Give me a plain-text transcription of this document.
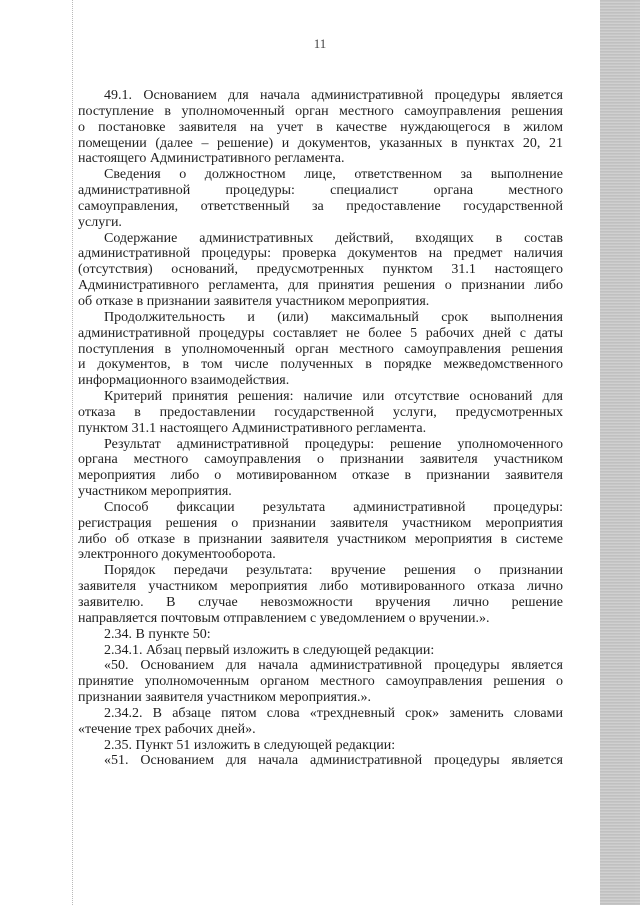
11
49.1. Основанием для начала административной процедуры является
поступление в уполномоченный орган местного самоуправления решения
о постановке заявителя на учет в качестве нуждающегося в жилом
помещении (далее – решение) и документов, указанных в пунктах 20, 21
настоящего Административного регламента.
Сведения о должностном лице, ответственном за выполнение
административной процедуры: специалист органа местного
самоуправления, ответственный за предоставление государственной
услуги.
Содержание административных действий, входящих в состав
административной процедуры: проверка документов на предмет наличия
(отсутствия) оснований, предусмотренных пунктом 31.1 настоящего
Административного регламента, для принятия решения о признании либо
об отказе в признании заявителя участником мероприятия.
Продолжительность и (или) максимальный срок выполнения
административной процедуры составляет не более 5 рабочих дней с даты
поступления в уполномоченный орган местного самоуправления решения
и документов, в том числе полученных в порядке межведомственного
информационного взаимодействия.
Критерий принятия решения: наличие или отсутствие оснований для
отказа в предоставлении государственной услуги, предусмотренных
пунктом 31.1 настоящего Административного регламента.
Результат административной процедуры: решение уполномоченного
органа местного самоуправления о признании заявителя участником
мероприятия либо о мотивированном отказе в признании заявителя
участником мероприятия.
Способ фиксации результата административной процедуры:
регистрация решения о признании заявителя участником мероприятия
либо об отказе в признании заявителя участником мероприятия в системе
электронного документооборота.
Порядок передачи результата: вручение решения о признании
заявителя участником мероприятия либо мотивированного отказа лично
заявителю. В случае невозможности вручения лично решение
направляется почтовым отправлением с уведомлением о вручении.».
2.34. В пункте 50:
2.34.1. Абзац первый изложить в следующей редакции:
«50. Основанием для начала административной процедуры является
принятие уполномоченным органом местного самоуправления решения о
признании заявителя участником мероприятия.».
2.34.2. В абзаце пятом слова «трехдневный срок» заменить словами
«течение трех рабочих дней».
2.35. Пункт 51 изложить в следующей редакции:
«51. Основанием для начала административной процедуры является
